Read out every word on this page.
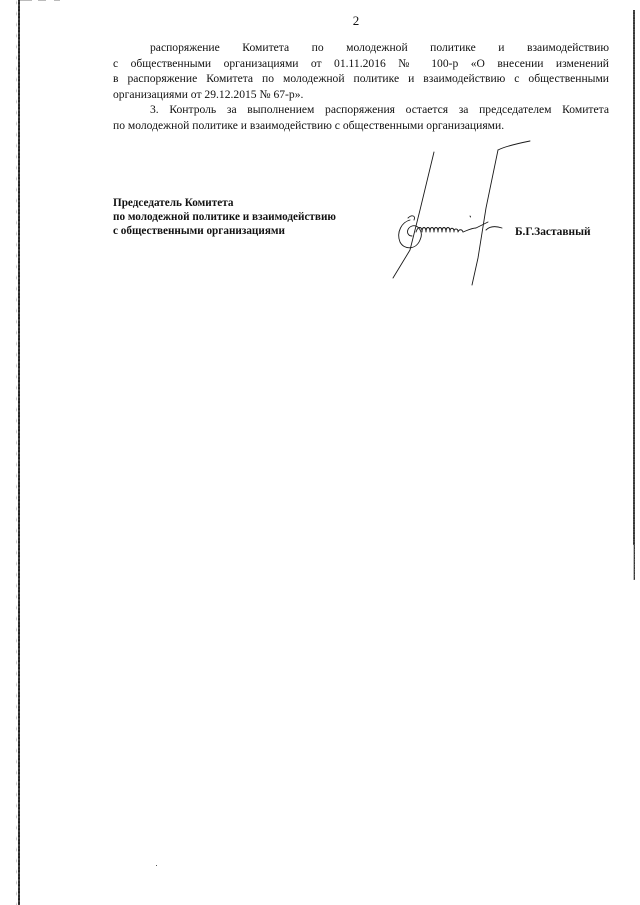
2
распоряжение Комитета по молодежной политике и взаимодействию
с общественными организациями от 01.11.2016 № 100-р «О внесении изменений
в распоряжение Комитета по молодежной политике и взаимодействию с общественными
организациями от 29.12.2015 № 67-р».
3. Контроль за выполнением распоряжения остается за председателем Комитета
по молодежной политике и взаимодействию с общественными организациями.
Председатель Комитета
по молодежной политике и взаимодействию
с общественными организациями	Б.Г.Заставный
